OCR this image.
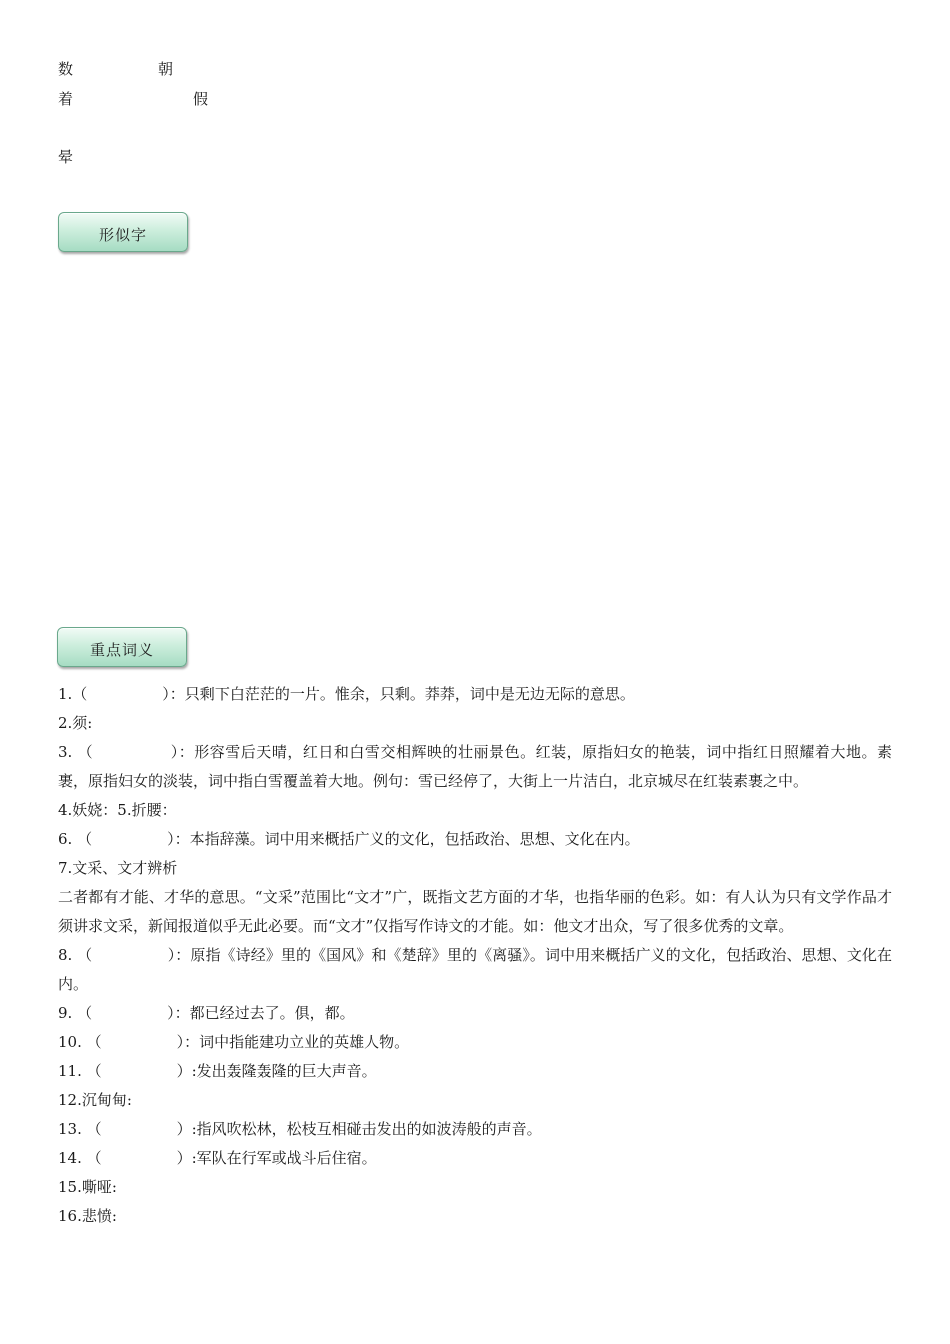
数	朝
着	假
晕
形似字
重点词义

1.（　　　　　）：只剩下白茫茫的一片。惟余，只剩。莽莽，词中是无边无际的意思。

2.须:

3. （　　　　　）：形容雪后天晴，红日和白雪交相辉映的壮丽景色。红装，原指妇女的艳装，词中指红日照耀着大地。素裹，原指妇女的淡装，词中指白雪覆盖着大地。例句：雪已经停了，大街上一片洁白，北京城尽在红装素裹之中。

4.妖娆：5.折腰：

6. （　　　　　）：本指辞藻。词中用来概括广义的文化，包括政治、思想、文化在内。

7.文采、文才辨析

二者都有才能、才华的意思。“文采”范围比“文才”广，既指文艺方面的才华，也指华丽的色彩。如：有人认为只有文学作品才须讲求文采，新闻报道似乎无此必要。而“文才”仅指写作诗文的才能。如：他文才出众，写了很多优秀的文章。

8. （　　　　　）：原指《诗经》里的《国风》和《楚辞》里的《离骚》。词中用来概括广义的文化，包括政治、思想、文化在内。

9. （　　　　　）：都已经过去了。俱，都。

10. （　　　　　）：词中指能建功立业的英雄人物。

11. （　　　　　）:发出轰隆轰隆的巨大声音。

12.沉甸甸:

13. （　　　　　）:指风吹松林，松枝互相碰击发出的如波涛般的声音。

14. （　　　　　）:军队在行军或战斗后住宿。

15.嘶哑:

16.悲愤:
